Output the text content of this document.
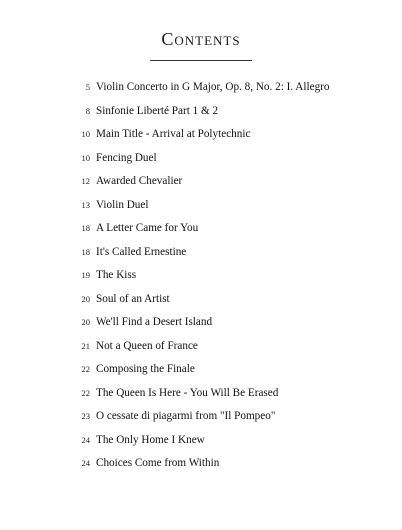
Contents
5 Violin Concerto in G Major, Op. 8, No. 2: I. Allegro
8 Sinfonie Liberté Part 1 & 2
10 Main Title - Arrival at Polytechnic
10 Fencing Duel
12 Awarded Chevalier
13 Violin Duel
18 A Letter Came for You
18 It's Called Ernestine
19 The Kiss
20 Soul of an Artist
20 We'll Find a Desert Island
21 Not a Queen of France
22 Composing the Finale
22 The Queen Is Here - You Will Be Erased
23 O cessate di piagarmi from "Il Pompeo"
24 The Only Home I Knew
24 Choices Come from Within
